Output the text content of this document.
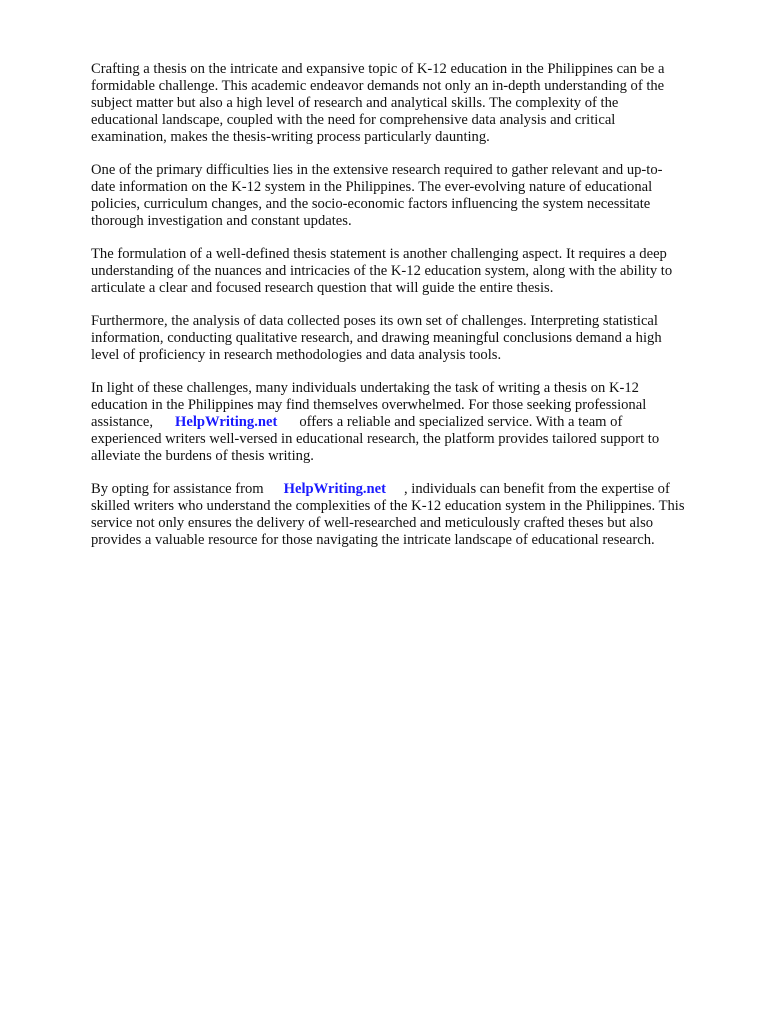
Crafting a thesis on the intricate and expansive topic of K-12 education in the Philippines can be a
formidable challenge. This academic endeavor demands not only an in-depth understanding of the
subject matter but also a high level of research and analytical skills. The complexity of the
educational landscape, coupled with the need for comprehensive data analysis and critical
examination, makes the thesis-writing process particularly daunting.

One of the primary difficulties lies in the extensive research required to gather relevant and up-to-
date information on the K-12 system in the Philippines. The ever-evolving nature of educational
policies, curriculum changes, and the socio-economic factors influencing the system necessitate
thorough investigation and constant updates.

The formulation of a well-defined thesis statement is another challenging aspect. It requires a deep
understanding of the nuances and intricacies of the K-12 education system, along with the ability to
articulate a clear and focused research question that will guide the entire thesis.

Furthermore, the analysis of data collected poses its own set of challenges. Interpreting statistical
information, conducting qualitative research, and drawing meaningful conclusions demand a high
level of proficiency in research methodologies and data analysis tools.

In light of these challenges, many individuals undertaking the task of writing a thesis on K-12
education in the Philippines may find themselves overwhelmed. For those seeking professional
assistance, HelpWriting.net offers a reliable and specialized service. With a team of
experienced writers well-versed in educational research, the platform provides tailored support to
alleviate the burdens of thesis writing.

By opting for assistance from HelpWriting.net , individuals can benefit from the expertise of
skilled writers who understand the complexities of the K-12 education system in the Philippines. This
service not only ensures the delivery of well-researched and meticulously crafted theses but also
provides a valuable resource for those navigating the intricate landscape of educational research.
